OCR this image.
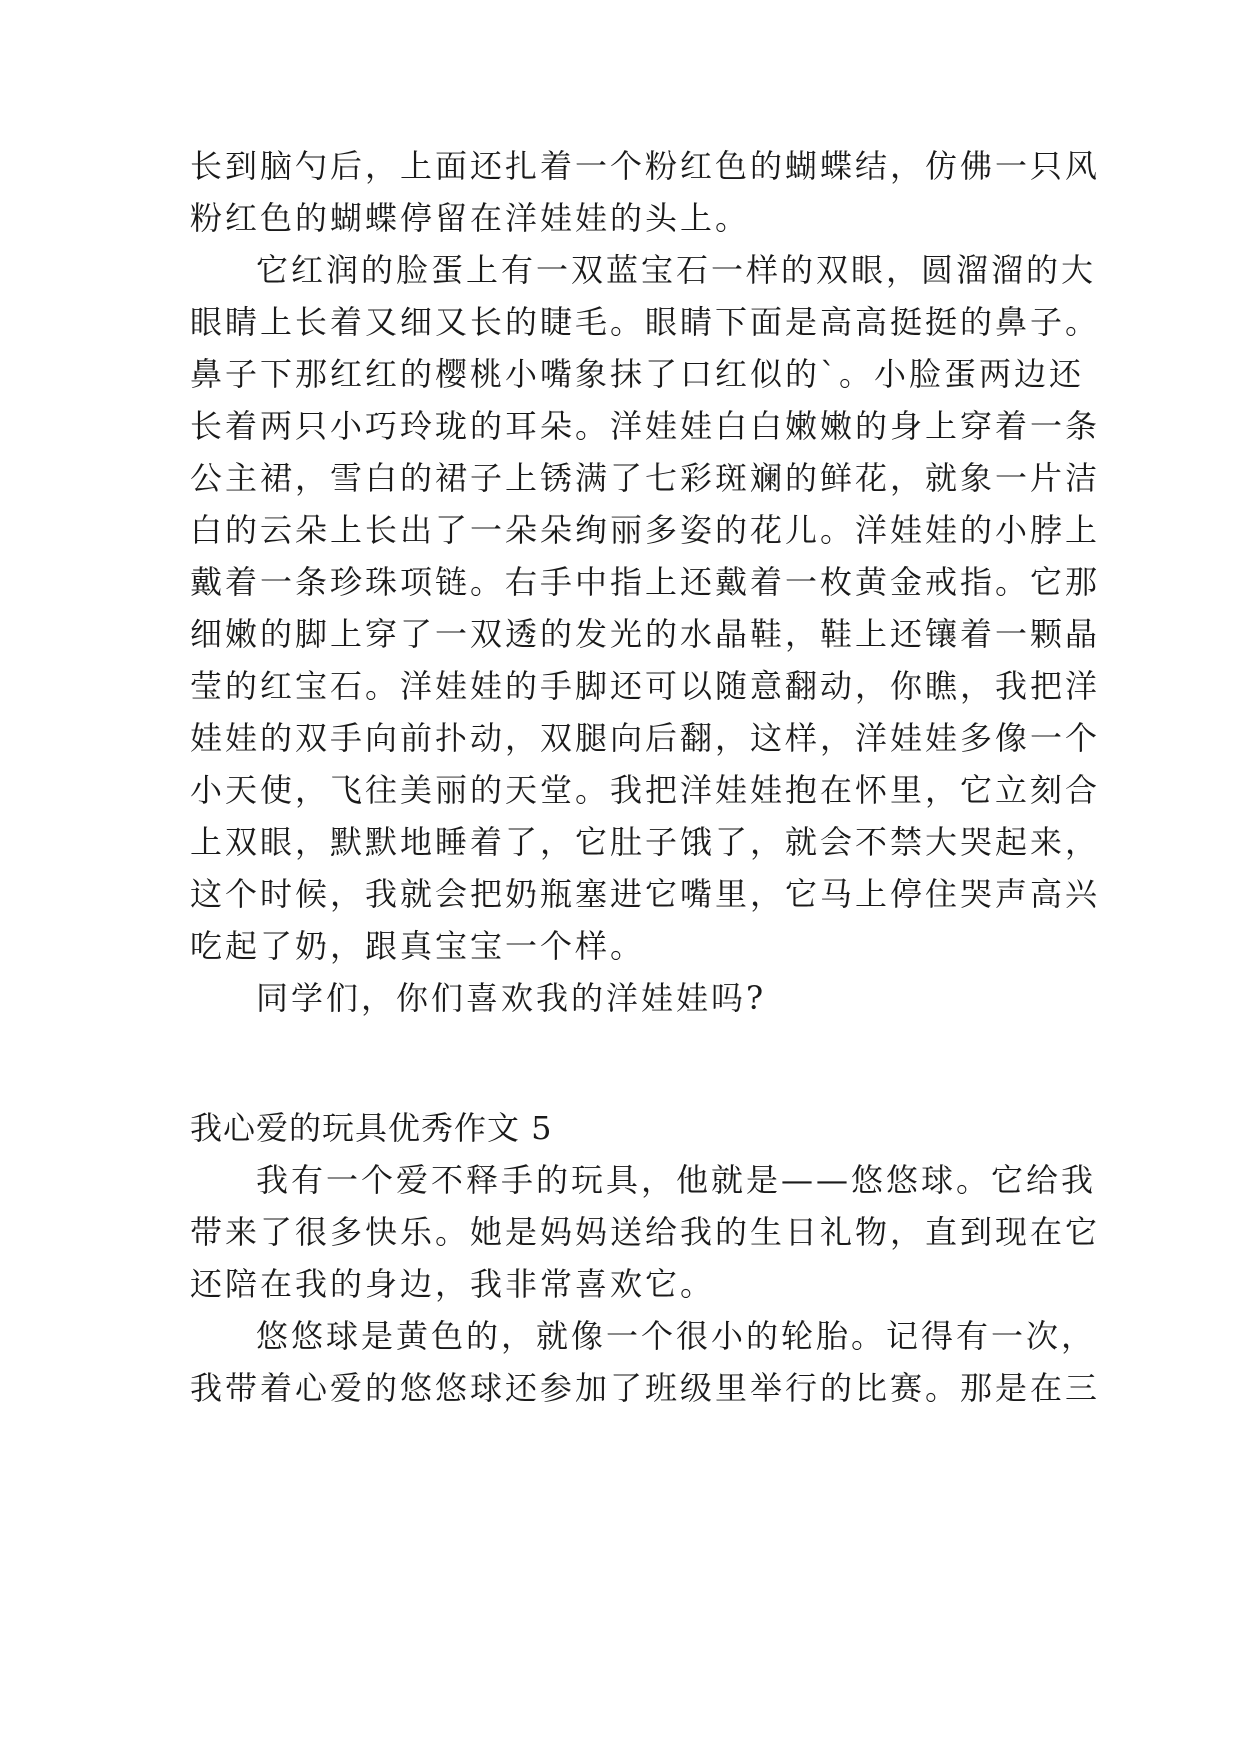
长到脑勺后，上面还扎着一个粉红色的蝴蝶结，仿佛一只风
粉红色的蝴蝶停留在洋娃娃的头上。
它红润的脸蛋上有一双蓝宝石一样的双眼，圆溜溜的大
眼睛上长着又细又长的睫毛。眼睛下面是高高挺挺的鼻子。
鼻子下那红红的樱桃小嘴象抹了口红似的`。小脸蛋两边还
长着两只小巧玲珑的耳朵。洋娃娃白白嫩嫩的身上穿着一条
公主裙，雪白的裙子上锈满了七彩斑斓的鲜花，就象一片洁
白的云朵上长出了一朵朵绚丽多姿的花儿。洋娃娃的小脖上
戴着一条珍珠项链。右手中指上还戴着一枚黄金戒指。它那
细嫩的脚上穿了一双透的发光的水晶鞋，鞋上还镶着一颗晶
莹的红宝石。洋娃娃的手脚还可以随意翻动，你瞧，我把洋
娃娃的双手向前扑动，双腿向后翻，这样，洋娃娃多像一个
小天使，飞往美丽的天堂。我把洋娃娃抱在怀里，它立刻合
上双眼，默默地睡着了，它肚子饿了，就会不禁大哭起来，
这个时候，我就会把奶瓶塞进它嘴里，它马上停住哭声高兴
吃起了奶，跟真宝宝一个样。
同学们，你们喜欢我的洋娃娃吗?
我心爱的玩具优秀作文 5
我有一个爱不释手的玩具，他就是——悠悠球。它给我
带来了很多快乐。她是妈妈送给我的生日礼物，直到现在它
还陪在我的身边，我非常喜欢它。
悠悠球是黄色的，就像一个很小的轮胎。记得有一次，
我带着心爱的悠悠球还参加了班级里举行的比赛。那是在三
